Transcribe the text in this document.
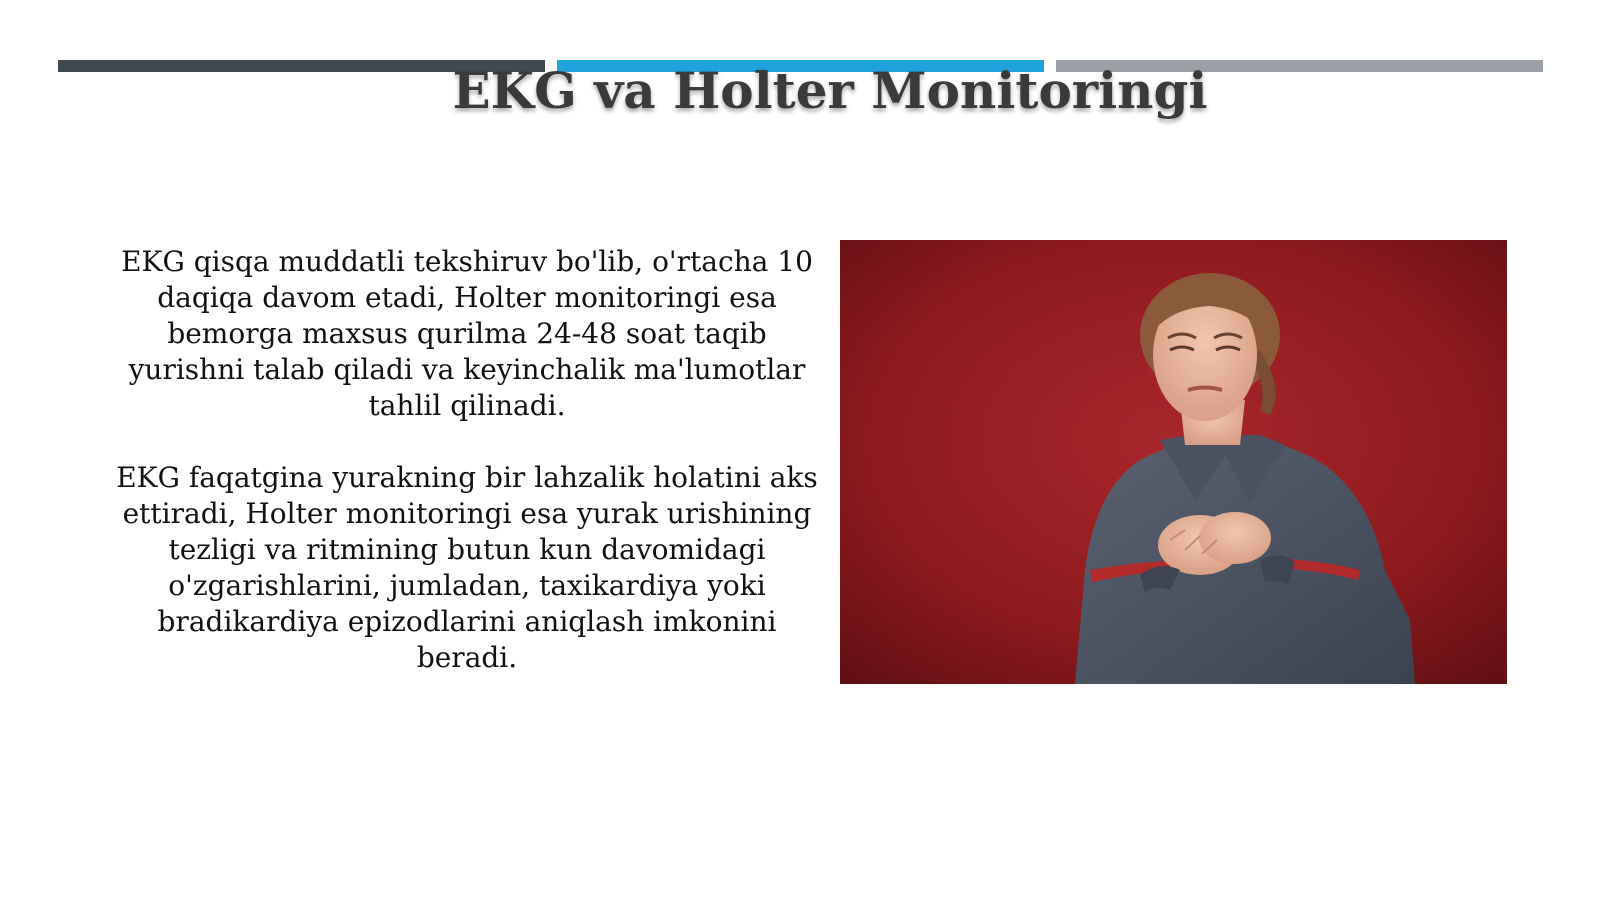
EKG va Holter Monitoringi

EKG qisqa muddatli tekshiruv bo'lib, o'rtacha 10 daqiqa davom etadi, Holter monitoringi esa bemorga maxsus qurilma 24-48 soat taqib yurishni talab qiladi va keyinchalik ma'lumotlar tahlil qilinadi.

EKG faqatgina yurakning bir lahzalik holatini aks ettiradi, Holter monitoringi esa yurak urishining tezligi va ritmining butun kun davomidagi o'zgarishlarini, jumladan, taxikardiya yoki bradikardiya epizodlarini aniqlash imkonini beradi.
